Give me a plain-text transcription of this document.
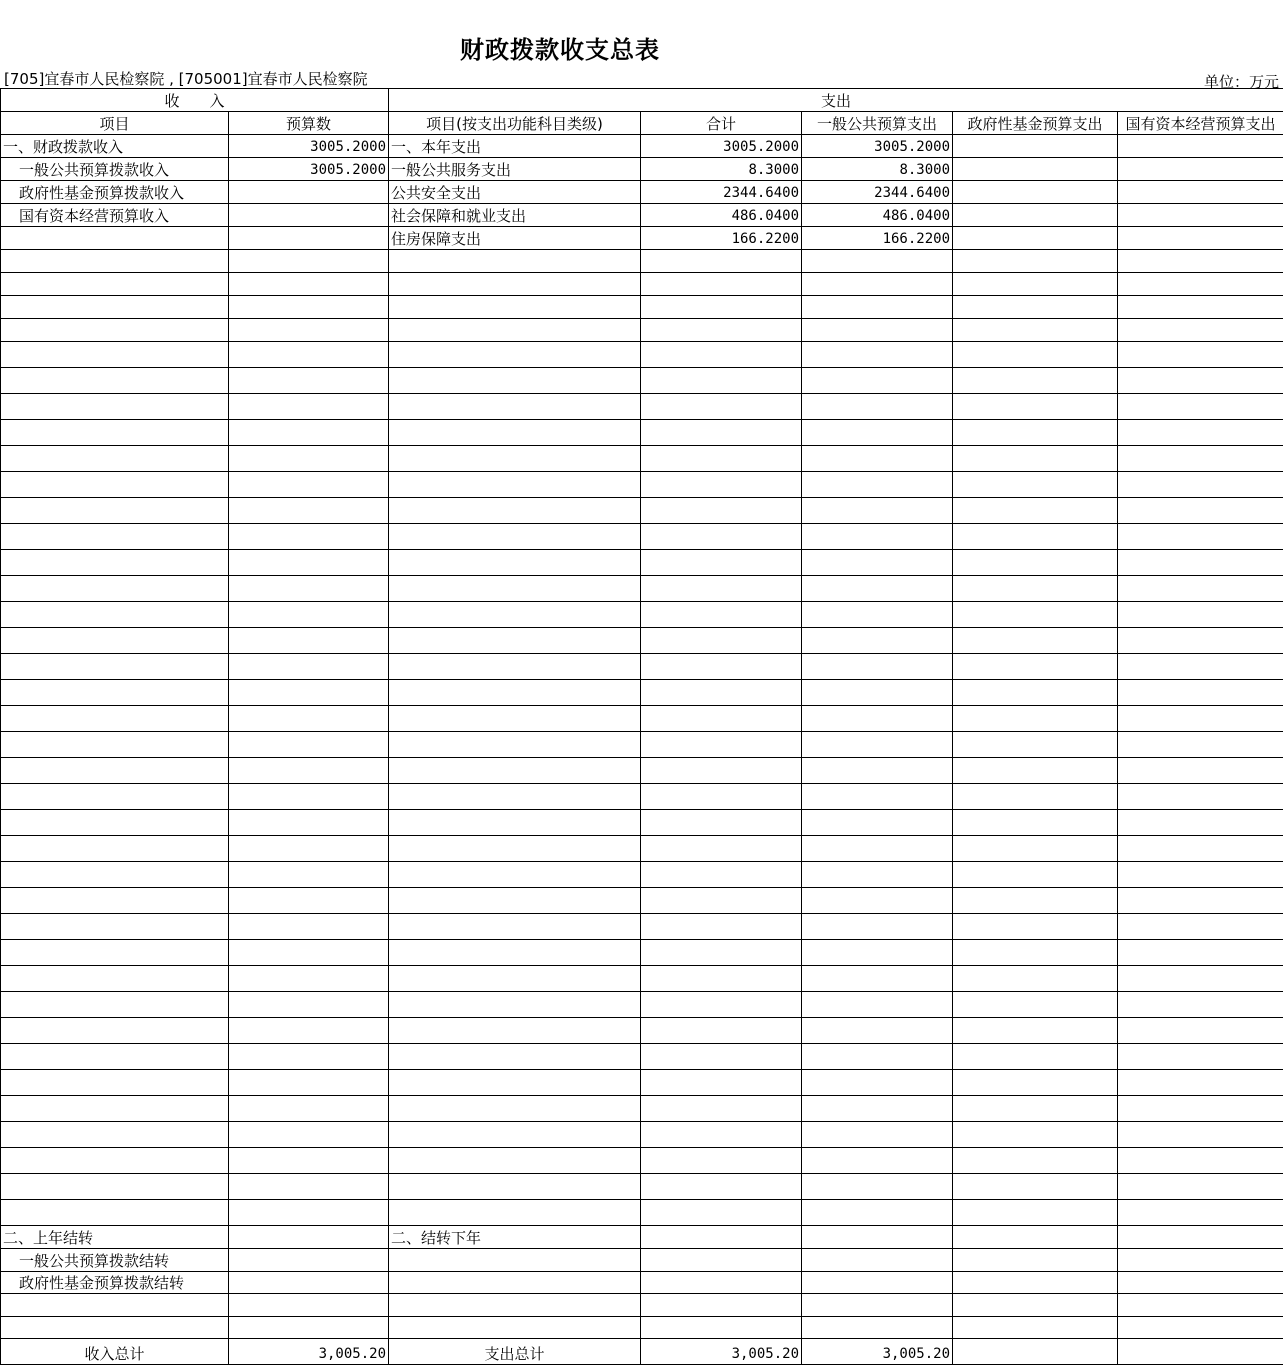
财政拨款收支总表
[705]宜春市人民检察院 , [705001]宜春市人民检察院	单位：万元
收　　入		支出				
项目	预算数	项目(按支出功能科目类级)	合计	一般公共预算支出	政府性基金预算支出	国有资本经营预算支出
一、财政拨款收入	3005.2000	一、本年支出	3005.2000	3005.2000		
一般公共预算拨款收入	3005.2000	一般公共服务支出	8.3000	8.3000		
政府性基金预算拨款收入		公共安全支出	2344.6400	2344.6400		
国有资本经营预算收入		社会保障和就业支出	486.0400	486.0400		
		住房保障支出	166.2200	166.2200		

二、上年结转		二、结转下年				
一般公共预算拨款结转						
政府性基金预算拨款结转						

收入总计	3,005.20	支出总计	3,005.20	3,005.20		
